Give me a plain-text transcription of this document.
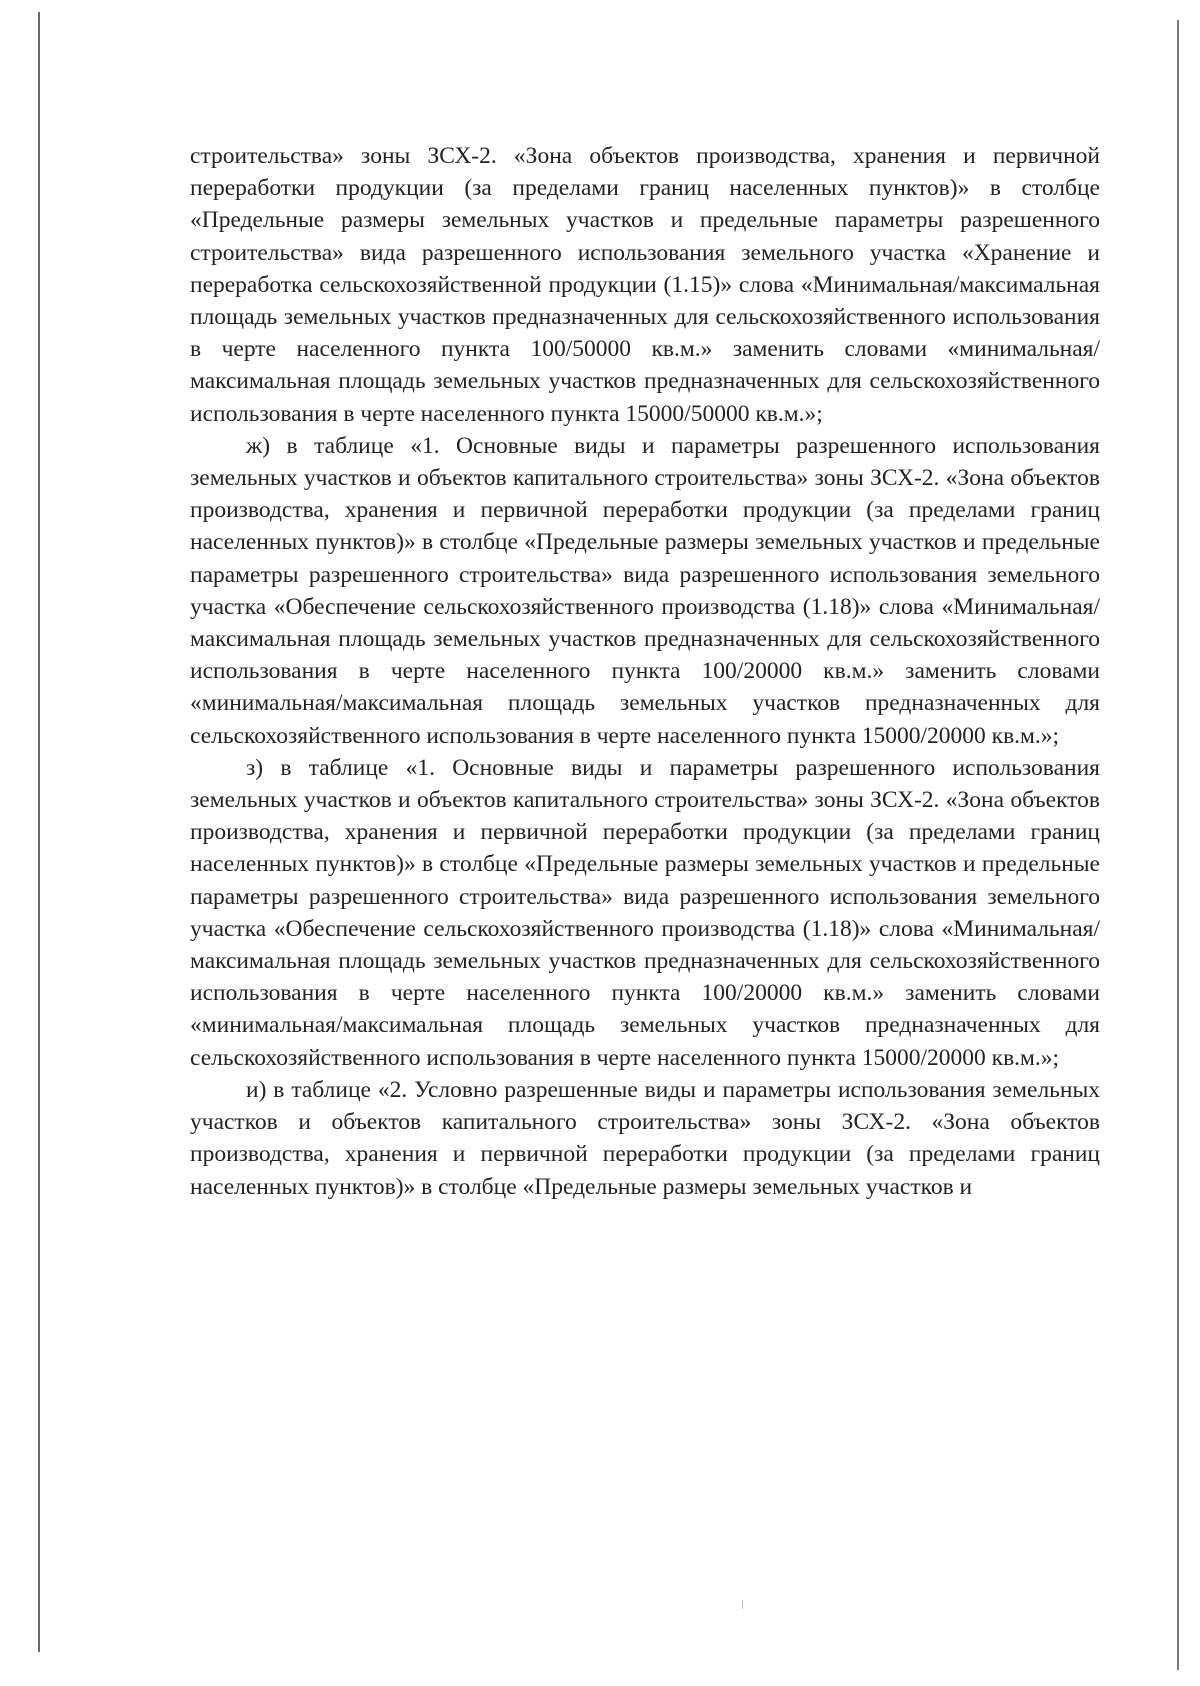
строительства» зоны ЗСХ-2. «Зона объектов производства, хранения и первичной переработки продукции (за пределами границ населенных пунктов)» в столбце «Предельные размеры земельных участков и предельные параметры разрешенного строительства» вида разрешенного использования земельного участка «Хранение и переработка сельскохозяйственной продукции (1.15)» слова «Минимальная/максимальная площадь земельных участков предназначенных для сельскохозяйственного использования в черте населенного пункта 100/50000 кв.м.» заменить словами «минимальная/максимальная площадь земельных участков предназначенных для сельскохозяйственного использования в черте населенного пункта 15000/50000 кв.м.»;

ж) в таблице «1. Основные виды и параметры разрешенного использования земельных участков и объектов капитального строительства» зоны ЗСХ-2. «Зона объектов производства, хранения и первичной переработки продукции (за пределами границ населенных пунктов)» в столбце «Предельные размеры земельных участков и предельные параметры разрешенного строительства» вида разрешенного использования земельного участка «Обеспечение сельскохозяйственного производства (1.18)» слова «Минимальная/максимальная площадь земельных участков предназначенных для сельскохозяйственного использования в черте населенного пункта 100/20000 кв.м.» заменить словами «минимальная/максимальная площадь земельных участков предназначенных для сельскохозяйственного использования в черте населенного пункта 15000/20000 кв.м.»;

з) в таблице «1. Основные виды и параметры разрешенного использования земельных участков и объектов капитального строительства» зоны ЗСХ-2. «Зона объектов производства, хранения и первичной переработки продукции (за пределами границ населенных пунктов)» в столбце «Предельные размеры земельных участков и предельные параметры разрешенного строительства» вида разрешенного использования земельного участка «Обеспечение сельскохозяйственного производства (1.18)» слова «Минимальная/максимальная площадь земельных участков предназначенных для сельскохозяйственного использования в черте населенного пункта 100/20000 кв.м.» заменить словами «минимальная/максимальная площадь земельных участков предназначенных для сельскохозяйственного использования в черте населенного пункта 15000/20000 кв.м.»;

и) в таблице «2. Условно разрешенные виды и параметры использования земельных участков и объектов капитального строительства» зоны ЗСХ-2. «Зона объектов производства, хранения и первичной переработки продукции (за пределами границ населенных пунктов)» в столбце «Предельные размеры земельных участков и
